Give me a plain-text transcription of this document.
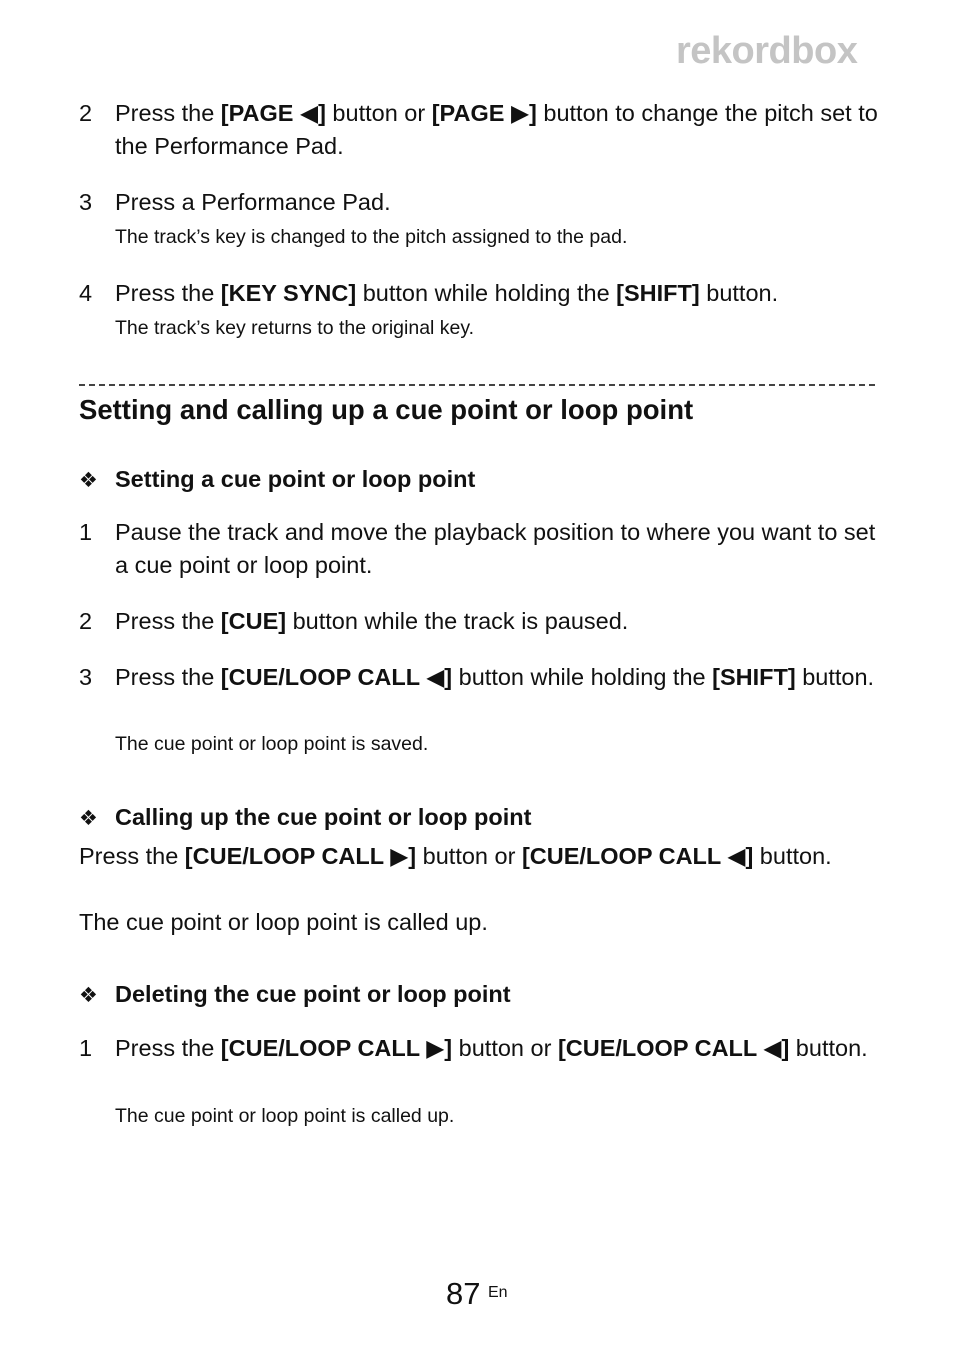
rekordbox
2 Press the [PAGE ◀] button or [PAGE ▶] button to change the pitch set to the Performance Pad.
3 Press a Performance Pad.
The track’s key is changed to the pitch assigned to the pad.
4 Press the [KEY SYNC] button while holding the [SHIFT] button.
The track’s key returns to the original key.
Setting and calling up a cue point or loop point
❖ Setting a cue point or loop point
1 Pause the track and move the playback position to where you want to set a cue point or loop point.
2 Press the [CUE] button while the track is paused.
3 Press the [CUE/LOOP CALL ◀] button while holding the [SHIFT] button.
The cue point or loop point is saved.
❖ Calling up the cue point or loop point
Press the [CUE/LOOP CALL ▶] button or [CUE/LOOP CALL ◀] button.
The cue point or loop point is called up.
❖ Deleting the cue point or loop point
1 Press the [CUE/LOOP CALL ▶] button or [CUE/LOOP CALL ◀] button.
The cue point or loop point is called up.
87 En
